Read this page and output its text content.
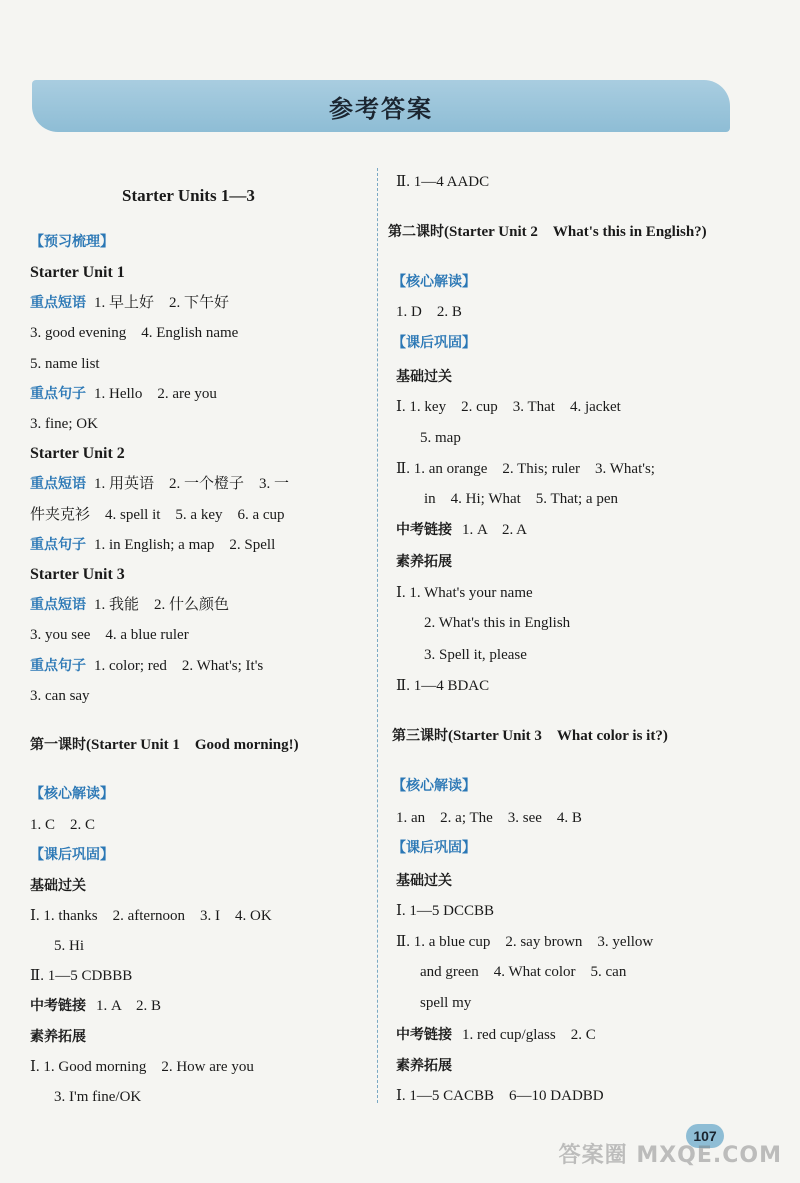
参考答案
Starter Units 1—3
【预习梳理】
Starter Unit 1
重点短语 1. 早上好　2. 下午好
3. good evening　4. English name
5. name list
重点句子 1. Hello　2. are you
3. fine; OK
Starter Unit 2
重点短语 1. 用英语　2. 一个橙子　3. 一
件夹克衫　4. spell it　5. a key　6. a cup
重点句子 1. in English; a map　2. Spell
Starter Unit 3
重点短语 1. 我能　2. 什么颜色
3. you see　4. a blue ruler
重点句子 1. color; red　2. What's; It's
3. can say
第一课时(Starter Unit 1　Good morning!)
【核心解读】
1. C　2. C
【课后巩固】
基础过关
Ⅰ. 1. thanks　2. afternoon　3. I　4. OK
5. Hi
Ⅱ. 1—5 CDBBB
中考链接 1. A　2. B
素养拓展
Ⅰ. 1. Good morning　2. How are you
3. I'm fine/OK
Ⅱ. 1—4 AADC
第二课时(Starter Unit 2　What's this in English?)
【核心解读】
1. D　2. B
【课后巩固】
基础过关
Ⅰ. 1. key　2. cup　3. That　4. jacket
5. map
Ⅱ. 1. an orange　2. This; ruler　3. What's;
in　4. Hi; What　5. That; a pen
中考链接 1. A　2. A
素养拓展
Ⅰ. 1. What's your name
2. What's this in English
3. Spell it, please
Ⅱ. 1—4 BDAC
第三课时(Starter Unit 3　What color is it?)
【核心解读】
1. an　2. a; The　3. see　4. B
【课后巩固】
基础过关
Ⅰ. 1—5 DCCBB
Ⅱ. 1. a blue cup　2. say brown　3. yellow
and green　4. What color　5. can
spell my
中考链接 1. red cup/glass　2. C
素养拓展
Ⅰ. 1—5 CACBB　6—10 DADBD
107
答案圈 MXQE.COM
